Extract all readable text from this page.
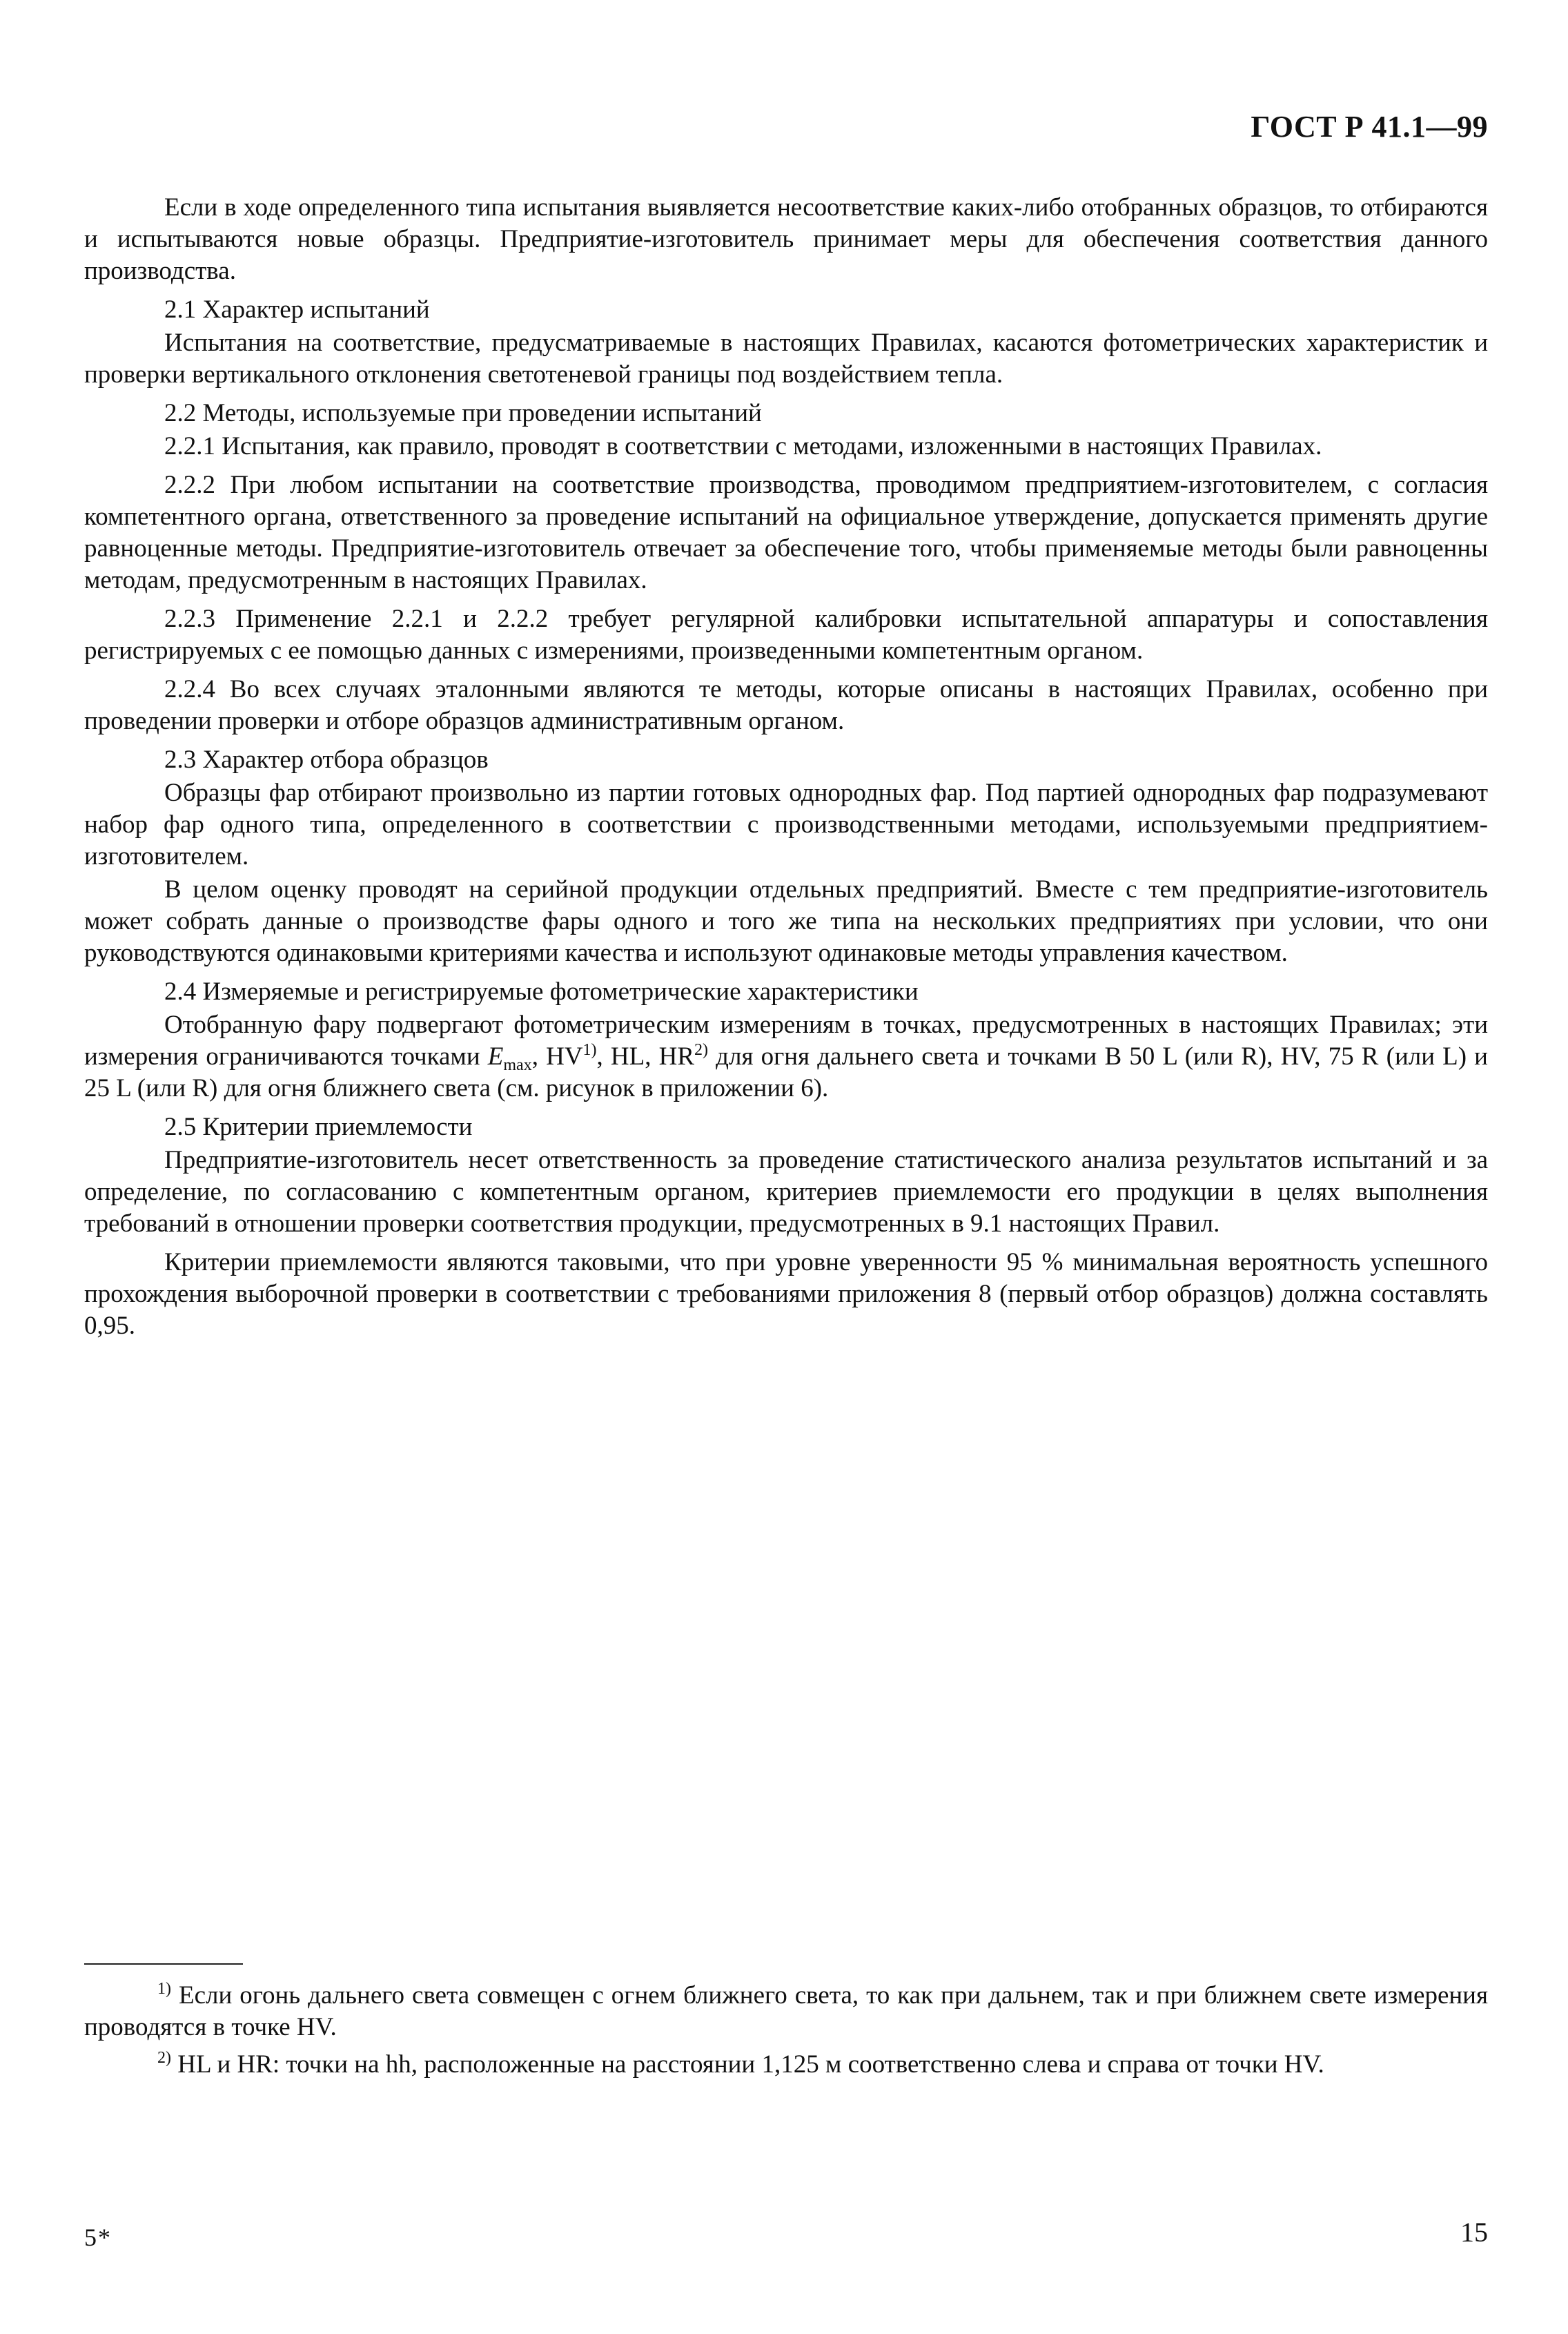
ГОСТ Р 41.1—99

Если в ходе определенного типа испытания выявляется несоответствие каких-либо отобранных образцов, то отбираются и испытываются новые образцы. Предприятие-изготовитель принимает меры для обеспечения соответствия данного производства.

2.1 Характер испытаний

Испытания на соответствие, предусматриваемые в настоящих Правилах, касаются фотометрических характеристик и проверки вертикального отклонения светотеневой границы под воздействием тепла.

2.2 Методы, используемые при проведении испытаний

2.2.1 Испытания, как правило, проводят в соответствии с методами, изложенными в настоящих Правилах.

2.2.2 При любом испытании на соответствие производства, проводимом предприятием-изготовителем, с согласия компетентного органа, ответственного за проведение испытаний на официальное утверждение, допускается применять другие равноценные методы. Предприятие-изготовитель отвечает за обеспечение того, чтобы применяемые методы были равноценны методам, предусмотренным в настоящих Правилах.

2.2.3 Применение 2.2.1 и 2.2.2 требует регулярной калибровки испытательной аппаратуры и сопоставления регистрируемых с ее помощью данных с измерениями, произведенными компетентным органом.

2.2.4 Во всех случаях эталонными являются те методы, которые описаны в настоящих Правилах, особенно при проведении проверки и отборе образцов административным органом.

2.3 Характер отбора образцов

Образцы фар отбирают произвольно из партии готовых однородных фар. Под партией однородных фар подразумевают набор фар одного типа, определенного в соответствии с производственными методами, используемыми предприятием-изготовителем.

В целом оценку проводят на серийной продукции отдельных предприятий. Вместе с тем предприятие-изготовитель может собрать данные о производстве фары одного и того же типа на нескольких предприятиях при условии, что они руководствуются одинаковыми критериями качества и используют одинаковые методы управления качеством.

2.4 Измеряемые и регистрируемые фотометрические характеристики

Отобранную фару подвергают фотометрическим измерениям в точках, предусмотренных в настоящих Правилах; эти измерения ограничиваются точками $E_{max}$, HV$^{1)}$, HL, HR$^{2)}$ для огня дальнего света и точками B 50 L (или R), HV, 75 R (или L) и 25 L (или R) для огня ближнего света (см. рисунок в приложении 6).

2.5 Критерии приемлемости

Предприятие-изготовитель несет ответственность за проведение статистического анализа результатов испытаний и за определение, по согласованию с компетентным органом, критериев приемлемости его продукции в целях выполнения требований в отношении проверки соответствия продукции, предусмотренных в 9.1 настоящих Правил.

Критерии приемлемости являются таковыми, что при уровне уверенности 95 % минимальная вероятность успешного прохождения выборочной проверки в соответствии с требованиями приложения 8 (первый отбор образцов) должна составлять 0,95.

$^{1)}$ Если огонь дальнего света совмещен с огнем ближнего света, то как при дальнем, так и при ближнем свете измерения проводятся в точке HV.

$^{2)}$ HL и HR: точки на hh, расположенные на расстоянии 1,125 м соответственно слева и справа от точки HV.

5*	15
